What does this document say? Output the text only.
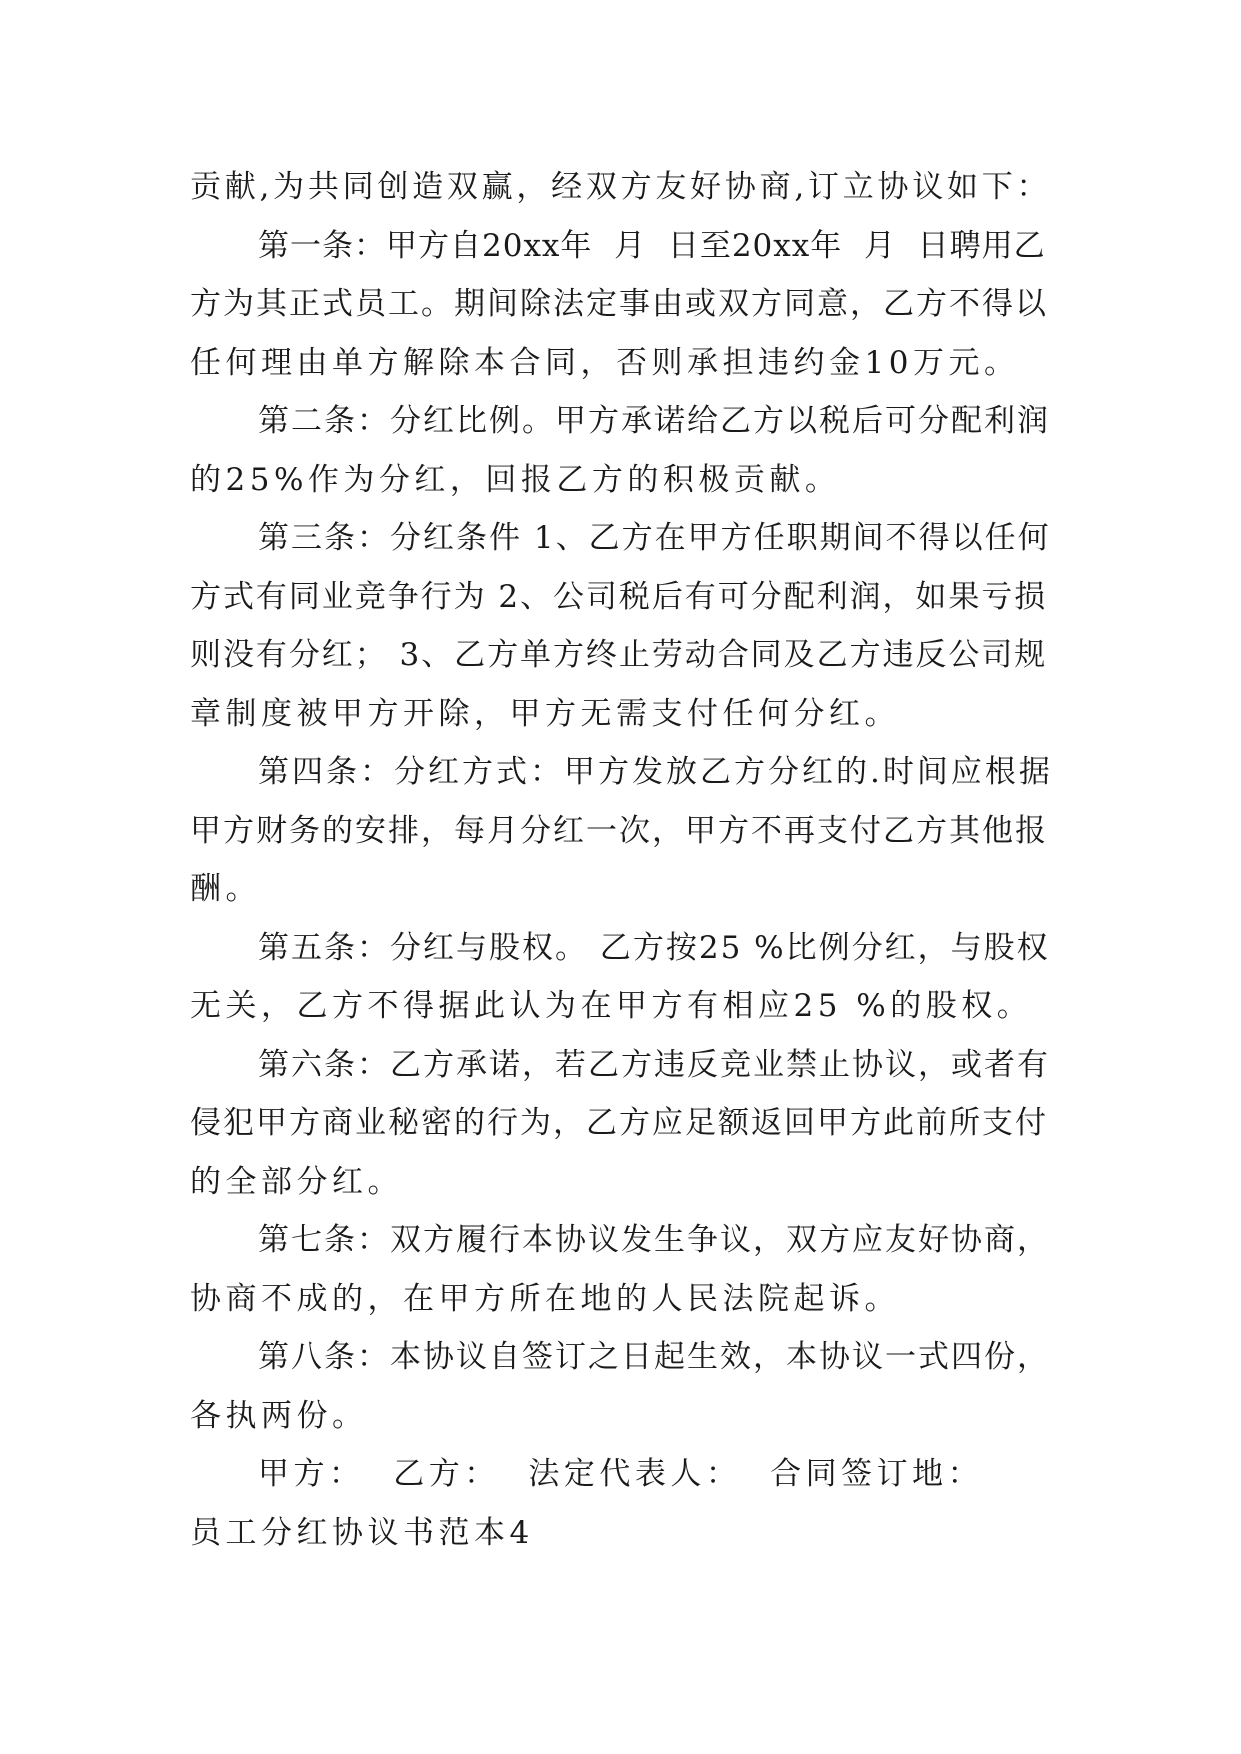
贡献,为共同创造双赢，经双方友好协商,订立协议如下：
第一条：甲方自20xx年  月  日至20xx年  月  日聘用乙
方为其正式员工。期间除法定事由或双方同意，乙方不得以
任何理由单方解除本合同，否则承担违约金10万元。
第二条：分红比例。甲方承诺给乙方以税后可分配利润
的25%作为分红，回报乙方的积极贡献。
第三条：分红条件 1、乙方在甲方任职期间不得以任何
方式有同业竞争行为 2、公司税后有可分配利润，如果亏损
则没有分红； 3、乙方单方终止劳动合同及乙方违反公司规
章制度被甲方开除，甲方无需支付任何分红。
第四条：分红方式：甲方发放乙方分红的.时间应根据
甲方财务的安排，每月分红一次，甲方不再支付乙方其他报
酬。
第五条：分红与股权。 乙方按25 %比例分红，与股权
无关，乙方不得据此认为在甲方有相应25 %的股权。
第六条：乙方承诺，若乙方违反竞业禁止协议，或者有
侵犯甲方商业秘密的行为，乙方应足额返回甲方此前所支付
的全部分红。
第七条：双方履行本协议发生争议，双方应友好协商，
协商不成的，在甲方所在地的人民法院起诉。
第八条：本协议自签订之日起生效，本协议一式四份，
各执两份。
甲方：  乙方：  法定代表人：  合同签订地：
员工分红协议书范本4
